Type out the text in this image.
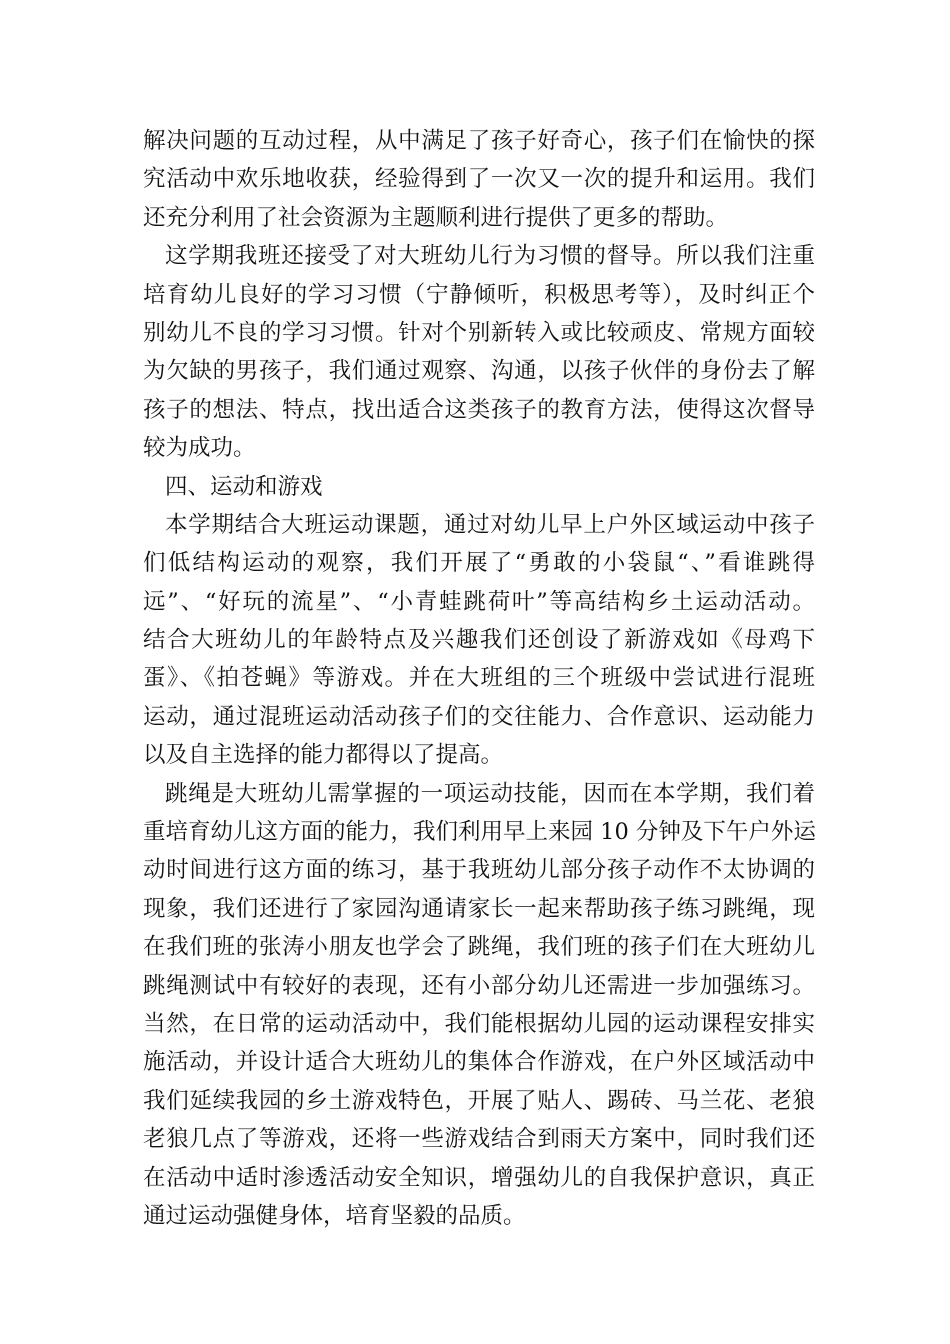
解决问题的互动过程，从中满足了孩子好奇心，孩子们在愉快的探
究活动中欢乐地收获，经验得到了一次又一次的提升和运用。我们
还充分利用了社会资源为主题顺利进行提供了更多的帮助。
这学期我班还接受了对大班幼儿行为习惯的督导。所以我们注重
培育幼儿良好的学习习惯（宁静倾听，积极思考等），及时纠正个
别幼儿不良的学习习惯。针对个别新转入或比较顽皮、常规方面较
为欠缺的男孩子，我们通过观察、沟通，以孩子伙伴的身份去了解
孩子的想法、特点，找出适合这类孩子的教育方法，使得这次督导
较为成功。
四、运动和游戏
本学期结合大班运动课题，通过对幼儿早上户外区域运动中孩子
们低结构运动的观察，我们开展了“勇敢的小袋鼠“、”看谁跳得
远”、“好玩的流星”、“小青蛙跳荷叶”等高结构乡土运动活动。
结合大班幼儿的年龄特点及兴趣我们还创设了新游戏如《母鸡下
蛋》、《拍苍蝇》等游戏。并在大班组的三个班级中尝试进行混班
运动，通过混班运动活动孩子们的交往能力、合作意识、运动能力
以及自主选择的能力都得以了提高。
跳绳是大班幼儿需掌握的一项运动技能，因而在本学期，我们着
重培育幼儿这方面的能力，我们利用早上来园 10 分钟及下午户外运
动时间进行这方面的练习，基于我班幼儿部分孩子动作不太协调的
现象，我们还进行了家园沟通请家长一起来帮助孩子练习跳绳，现
在我们班的张涛小朋友也学会了跳绳，我们班的孩子们在大班幼儿
跳绳测试中有较好的表现，还有小部分幼儿还需进一步加强练习。
当然，在日常的运动活动中，我们能根据幼儿园的运动课程安排实
施活动，并设计适合大班幼儿的集体合作游戏，在户外区域活动中
我们延续我园的乡土游戏特色，开展了贴人、踢砖、马兰花、老狼
老狼几点了等游戏，还将一些游戏结合到雨天方案中，同时我们还
在活动中适时渗透活动安全知识，增强幼儿的自我保护意识，真正
通过运动强健身体，培育坚毅的品质。
